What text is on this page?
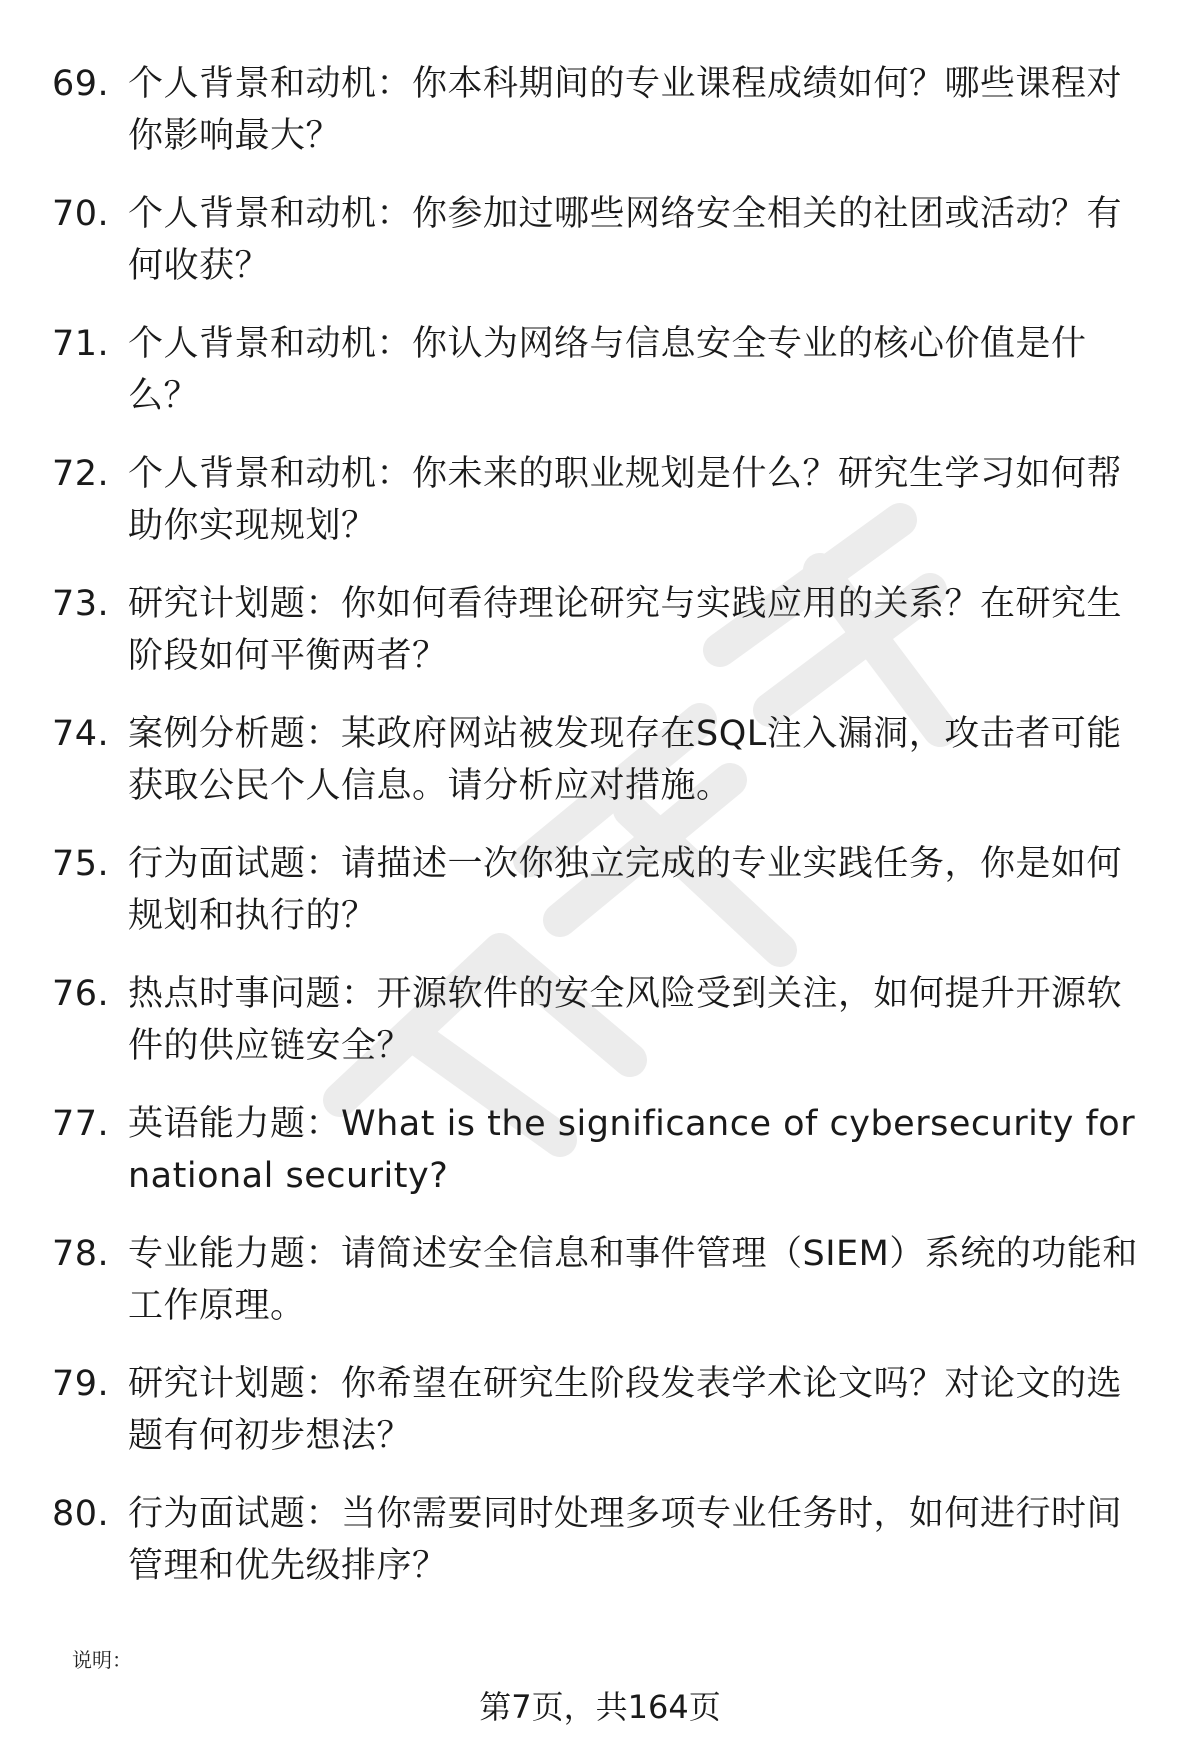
69. 个人背景和动机：你本科期间的专业课程成绩如何？哪些课程对你影响最大？
70. 个人背景和动机：你参加过哪些网络安全相关的社团或活动？有何收获？
71. 个人背景和动机：你认为网络与信息安全专业的核心价值是什么？
72. 个人背景和动机：你未来的职业规划是什么？研究生学习如何帮助你实现规划？
73. 研究计划题：你如何看待理论研究与实践应用的关系？在研究生阶段如何平衡两者？
74. 案例分析题：某政府网站被发现存在SQL注入漏洞，攻击者可能获取公民个人信息。请分析应对措施。
75. 行为面试题：请描述一次你独立完成的专业实践任务，你是如何规划和执行的？
76. 热点时事问题：开源软件的安全风险受到关注，如何提升开源软件的供应链安全？
77. 英语能力题：What is the significance of cybersecurity for national security?
78. 专业能力题：请简述安全信息和事件管理（SIEM）系统的功能和工作原理。
79. 研究计划题：你希望在研究生阶段发表学术论文吗？对论文的选题有何初步想法？
80. 行为面试题：当你需要同时处理多项专业任务时，如何进行时间管理和优先级排序？
说明：
第7页，共164页
